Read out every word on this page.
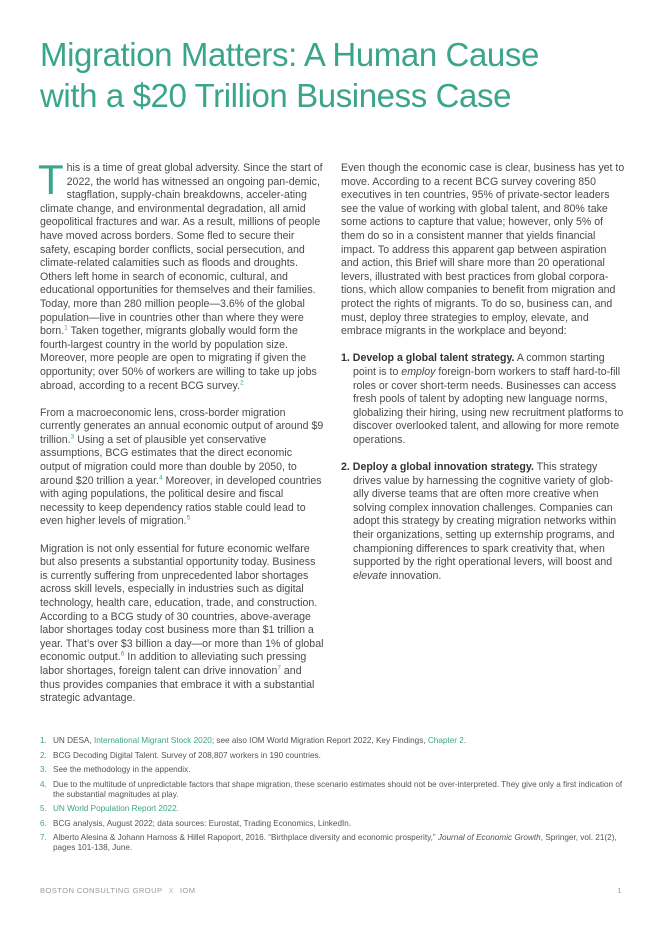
Migration Matters: A Human Cause
with a $20 Trillion Business Case

This is a time of great global adversity. Since the start of 2022, the world has witnessed an ongoing pan-demic, stagflation, supply-chain breakdowns, acceler-ating climate change, and environmental degradation, all amid geopolitical fractures and war. As a result, millions of people have moved across borders. Some fled to secure their safety, escaping border conflicts, social persecution, and climate-related calamities such as floods and droughts. Others left home in search of economic, cultural, and educational opportunities for themselves and their families. Today, more than 280 million people—3.6% of the global population—live in countries other than where they were born.$^1$ Taken together, migrants globally would form the fourth-largest country in the world by population size. Moreover, more people are open to migrating if given the opportunity; over 50% of workers are willing to take up jobs abroad, according to a recent BCG survey.$^2$

From a macroeconomic lens, cross-border migration currently generates an annual economic output of around $9 trillion.$^3$ Using a set of plausible yet conservative assumptions, BCG estimates that the direct economic output of migration could more than double by 2050, to around $20 trillion a year.$^4$ Moreover, in developed countries with aging populations, the political desire and fiscal necessity to keep dependency ratios stable could lead to even higher levels of migration.$^5$

Migration is not only essential for future economic welfare but also presents a substantial opportunity today. Business is currently suffering from unprecedented labor shortages across skill levels, especially in industries such as digital technology, health care, education, trade, and construction. According to a BCG study of 30 countries, above-average labor shortages today cost business more than $1 trillion a year. That’s over $3 billion a day—or more than 1% of global economic output.$^6$ In addition to alleviating such pressing labor shortages, foreign talent can drive innovation$^7$ and thus provides companies that embrace it with a substantial strategic advantage.

Even though the economic case is clear, business has yet to move. According to a recent BCG survey covering 850 executives in ten countries, 95% of private-sector leaders see the value of working with global talent, and 80% take some actions to capture that value; however, only 5% of them do so in a consistent manner that yields financial impact. To address this apparent gap between aspiration and action, this Brief will share more than 20 operational levers, illustrated with best practices from global corpora-tions, which allow companies to benefit from migration and protect the rights of migrants. To do so, business can, and must, deploy three strategies to employ, elevate, and embrace migrants in the workplace and beyond:

1. Develop a global talent strategy. A common starting point is to employ foreign-born workers to staff hard-to-fill roles or cover short-term needs. Businesses can access fresh pools of talent by adopting new language norms, globalizing their hiring, using new recruitment platforms to discover overlooked talent, and allowing for more remote operations.
2. Deploy a global innovation strategy. This strategy drives value by harnessing the cognitive variety of glob-ally diverse teams that are often more creative when solving complex innovation challenges. Companies can adopt this strategy by creating migration networks within their organizations, setting up externship programs, and championing differences to spark creativity that, when supported by the right operational levers, will boost and elevate innovation.
1. UN DESA, International Migrant Stock 2020; see also IOM World Migration Report 2022, Key Findings, Chapter 2.
2. BCG Decoding Digital Talent. Survey of 208,807 workers in 190 countries.
3. See the methodology in the appendix.
4. Due to the multitude of unpredictable factors that shape migration, these scenario estimates should not be over-interpreted. They give only a first indication of the substantial magnitudes at play.
5. UN World Population Report 2022.
6. BCG analysis, August 2022; data sources: Eurostat, Trading Economics, LinkedIn.
7. Alberto Alesina & Johann Harnoss & Hillel Rapoport, 2016. “Birthplace diversity and economic prosperity,” Journal of Economic Growth, Springer, vol. 21(2), pages 101-138, June.
BOSTON CONSULTING GROUP X IOM	1
